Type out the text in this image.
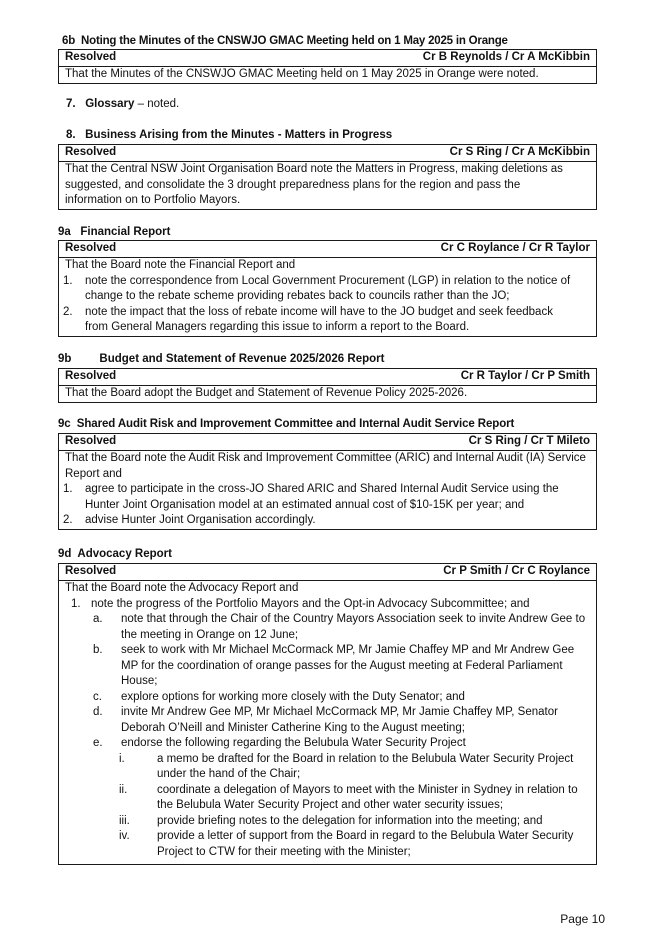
6b Noting the Minutes of the CNSWJO GMAC Meeting held on 1 May 2025 in Orange
Resolved	Cr B Reynolds / Cr A McKibbin
That the Minutes of the CNSWJO GMAC Meeting held on 1 May 2025 in Orange were noted.
7. Glossary – noted.
8.   Business Arising from the Minutes - Matters in Progress
Resolved	Cr S Ring / Cr A McKibbin
That the Central NSW Joint Organisation Board note the Matters in Progress, making deletions as
suggested, and consolidate the 3 drought preparedness plans for the region and pass the
information on to Portfolio Mayors.
9a   Financial Report
Resolved	Cr C Roylance / Cr R Taylor
That the Board note the Financial Report and
1. note the correspondence from Local Government Procurement (LGP) in relation to the notice of
change to the rebate scheme providing rebates back to councils rather than the JO;
2. note the impact that the loss of rebate income will have to the JO budget and seek feedback
from General Managers regarding this issue to inform a report to the Board.
9b Budget and Statement of Revenue 2025/2026 Report
Resolved	Cr R Taylor / Cr P Smith
That the Board adopt the Budget and Statement of Revenue Policy 2025-2026.
9c  Shared Audit Risk and Improvement Committee and Internal Audit Service Report
Resolved	Cr S Ring / Cr T Mileto
That the Board note the Audit Risk and Improvement Committee (ARIC) and Internal Audit (IA) Service
Report and
1. agree to participate in the cross-JO Shared ARIC and Shared Internal Audit Service using the
Hunter Joint Organisation model at an estimated annual cost of $10-15K per year; and
2. advise Hunter Joint Organisation accordingly.
9d  Advocacy Report
Resolved	Cr P Smith / Cr C Roylance
That the Board note the Advocacy Report and
1. note the progress of the Portfolio Mayors and the Opt-in Advocacy Subcommittee; and
a. note that through the Chair of the Country Mayors Association seek to invite Andrew Gee to
the meeting in Orange on 12 June;
b. seek to work with Mr Michael McCormack MP, Mr Jamie Chaffey MP and Mr Andrew Gee
MP for the coordination of orange passes for the August meeting at Federal Parliament
House;
c. explore options for working more closely with the Duty Senator; and
d. invite Mr Andrew Gee MP, Mr Michael McCormack MP, Mr Jamie Chaffey MP, Senator
Deborah O’Neill and Minister Catherine King to the August meeting;
e. endorse the following regarding the Belubula Water Security Project
i.	a memo be drafted for the Board in relation to the Belubula Water Security Project
under the hand of the Chair;
ii.	coordinate a delegation of Mayors to meet with the Minister in Sydney in relation to
the Belubula Water Security Project and other water security issues;
iii. provide briefing notes to the delegation for information into the meeting; and
iv. provide a letter of support from the Board in regard to the Belubula Water Security
Project to CTW for their meeting with the Minister;
Page 10
